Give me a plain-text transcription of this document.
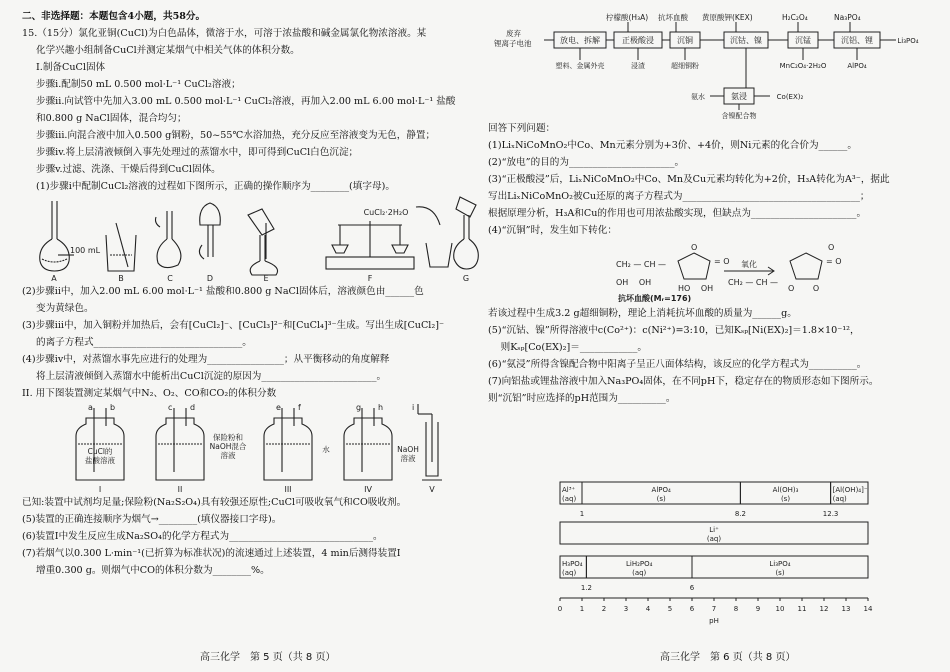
二、非选择题：本题包含4小题，共58分。
15.（15分）氯化亚铜(CuCl)为白色晶体，微溶于水，可溶于浓盐酸和碱金属氯化物浓溶液。某
化学兴趣小组制备CuCl并测定某烟气中相关气体的体积分数。
I.制备CuCl固体
步骤i.配制50 mL 0.500 mol·L⁻¹ CuCl₂溶液；
步骤ii.向试管中先加入3.00 mL 0.500 mol·L⁻¹ CuCl₂溶液，再加入2.00 mL 6.00 mol·L⁻¹ 盐酸
和0.800 g NaCl固体，混合均匀；
步骤iii.向混合液中加入0.500 g铜粉，50~55℃水浴加热，充分反应至溶液变为无色，静置；
步骤iv.将上层清液倾倒入事先处理过的蒸馏水中，即可得到CuCl白色沉淀；
步骤v.过滤、洗涤、干燥后得到CuCl固体。
(1)步骤i中配制CuCl₂溶液的过程如下图所示，正确的操作顺序为________(填字母)。
100 mL
CuCl₂·2H₂O
A	B	C	D	E	F	G
(2)步骤ii中，加入2.00 mL 6.00 mol·L⁻¹ 盐酸和0.800 g NaCl固体后，溶液颜色由______色
变为黄绿色。
(3)步骤iii中，加入铜粉并加热后，会有[CuCl₂]⁻、[CuCl₃]²⁻和[CuCl₄]³⁻生成。写出生成[CuCl₂]⁻
的离子方程式_______________________________。
(4)步骤iv中，对蒸馏水事先应进行的处理为________________；从平衡移动的角度解释
将上层清液倾倒入蒸馏水中能析出CuCl沉淀的原因为________________________。
II. 用下图装置测定某烟气中N₂、O₂、CO和CO₂的体积分数
a b	c d	e f	g h	i
CuCl的
盐酸溶液
保险粉和
NaOH混合
溶液
水	NaOH
溶液
I	II	III	IV	V
已知:装置中试剂均足量;保险粉(Na₂S₂O₄)具有较强还原性;CuCl可吸收氧气和CO吸收剂。
(5)装置的正确连接顺序为烟气→________(填仪器接口字母)。
(6)装置I中发生反应生成Na₂SO₄的化学方程式为______________________________。
(7)若烟气以0.300 L·min⁻¹(已折算为标准状况)的流速通过上述装置，4 min后测得装置I
增重0.300 g。则烟气中CO的体积分数为________%。
高三化学　第 5 页（共 8 页）
柠檬酸(H₃A) 抗坏血酸 黄原酸钾(KEX)	H₂C₂O₄	Na₃PO₄
废弃
锂离子电池	放电、拆解	正极酸浸	沉铜	沉钴、镍	沉锰	沉铝、锂
氨浸
Li₃PO₄
塑料、金属外壳	浸渣	超细铜粉	MnC₂O₄·2H₂O	AlPO₄
氨水	Co(EX)₂
含镍配合物
回答下列问题：
(1)LiₓNiCoMnO₂中Co、Mn元素分别为+3价、+4价，则Ni元素的化合价为______。
(2)“放电”的目的为______________________。
(3)“正极酸浸”后，LiₓNiCoMnO₂中Co、Mn及Cu元素均转化为+2价，H₃A转化为A³⁻，据此
写出LiₓNiCoMnO₂被Cu还原的离子方程式为_____________________________________；
根据原理分析，H₃A和Cu的作用也可用浓盐酸实现，但缺点为______________________。
(4)“沉铜”时，发生如下转化：
CH₂ — CH —
OH　 OH
O
= O
HO　 OH
O
CH₂ — CH —
= O
O　　 O
氧化
抗坏血酸(Mᵣ=176)
若该过程中生成3.2 g超细铜粉，理论上消耗抗坏血酸的质量为______g。
(5)“沉钴、镍”所得溶液中c(Co²⁺)：c(Ni²⁺)=3:10，已知Kₛₚ[Ni(EX)₂]＝1.8×10⁻¹²，
　 则Kₛₚ[Co(EX)₂]＝____________。
(6)“氨浸”所得含镍配合物中阳离子呈正八面体结构，该反应的化学方程式为__________。
(7)向铝盐或锂盐溶液中加入Na₃PO₄固体，在不同pH下，稳定存在的物质形态如下图所示。
则“沉铝”时应选择的pH范围为__________。
Al³⁺
(aq)
AlPO₄
(s)
Al(OH)₃
(s)
[Al(OH)₄]⁻
(aq)
1	8.2	12.3
Li⁺
(aq)
H₃PO₄
(aq)
LiH₂PO₄
(aq)
Li₃PO₄
(s)
1.2	6
0	1	2	3	4	5	6	7	8	9 10 11 12 13 14
pH
高三化学　第 6 页（共 8 页）
